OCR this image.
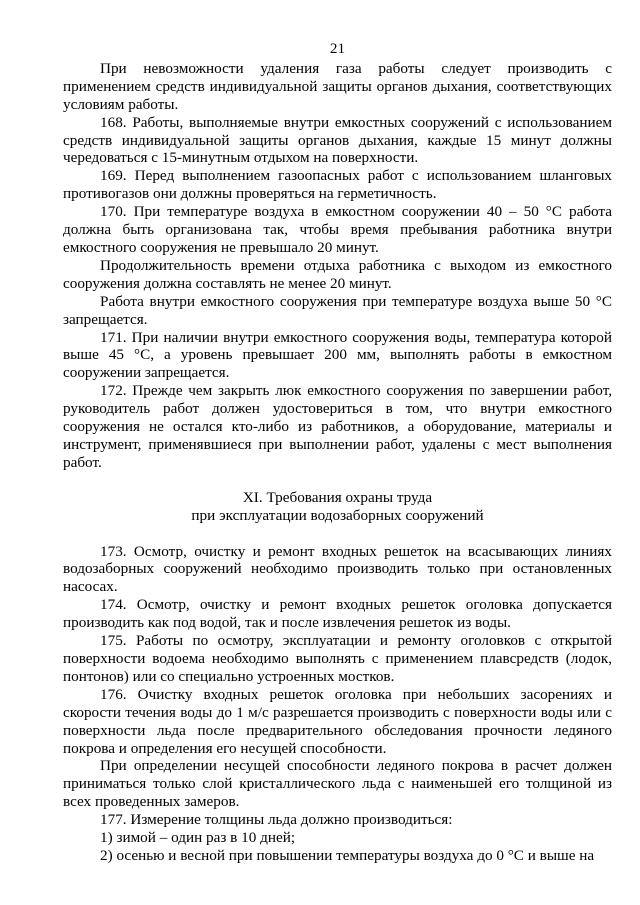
21

При невозможности удаления газа работы следует производить с применением средств индивидуальной защиты органов дыхания, соответствующих условиям работы.

168. Работы, выполняемые внутри емкостных сооружений с использованием средств индивидуальной защиты органов дыхания, каждые 15 минут должны чередоваться с 15-минутным отдыхом на поверхности.

169. Перед выполнением газоопасных работ с использованием шланговых противогазов они должны проверяться на герметичность.

170. При температуре воздуха в емкостном сооружении 40 – 50 °С работа должна быть организована так, чтобы время пребывания работника внутри емкостного сооружения не превышало 20 минут.

Продолжительность времени отдыха работника с выходом из емкостного сооружения должна составлять не менее 20 минут.

Работа внутри емкостного сооружения при температуре воздуха выше 50 °С запрещается.

171. При наличии внутри емкостного сооружения воды, температура которой выше 45 °С, а уровень превышает 200 мм, выполнять работы в емкостном сооружении запрещается.

172. Прежде чем закрыть люк емкостного сооружения по завершении работ, руководитель работ должен удостовериться в том, что внутри емкостного сооружения не остался кто-либо из работников, а оборудование, материалы и инструмент, применявшиеся при выполнении работ, удалены с мест выполнения работ.

XI. Требования охраны труда
при эксплуатации водозаборных сооружений

173. Осмотр, очистку и ремонт входных решеток на всасывающих линиях водозаборных сооружений необходимо производить только при остановленных насосах.

174. Осмотр, очистку и ремонт входных решеток оголовка допускается производить как под водой, так и после извлечения решеток из воды.

175. Работы по осмотру, эксплуатации и ремонту оголовков с открытой поверхности водоема необходимо выполнять с применением плавсредств (лодок, понтонов) или со специально устроенных мостков.

176. Очистку входных решеток оголовка при небольших засорениях и скорости течения воды до 1 м/с разрешается производить с поверхности воды или с поверхности льда после предварительного обследования прочности ледяного покрова и определения его несущей способности.

При определении несущей способности ледяного покрова в расчет должен приниматься только слой кристаллического льда с наименьшей его толщиной из всех проведенных замеров.

177. Измерение толщины льда должно производиться:

1) зимой – один раз в 10 дней;

2) осенью и весной при повышении температуры воздуха до 0 °С и выше на
